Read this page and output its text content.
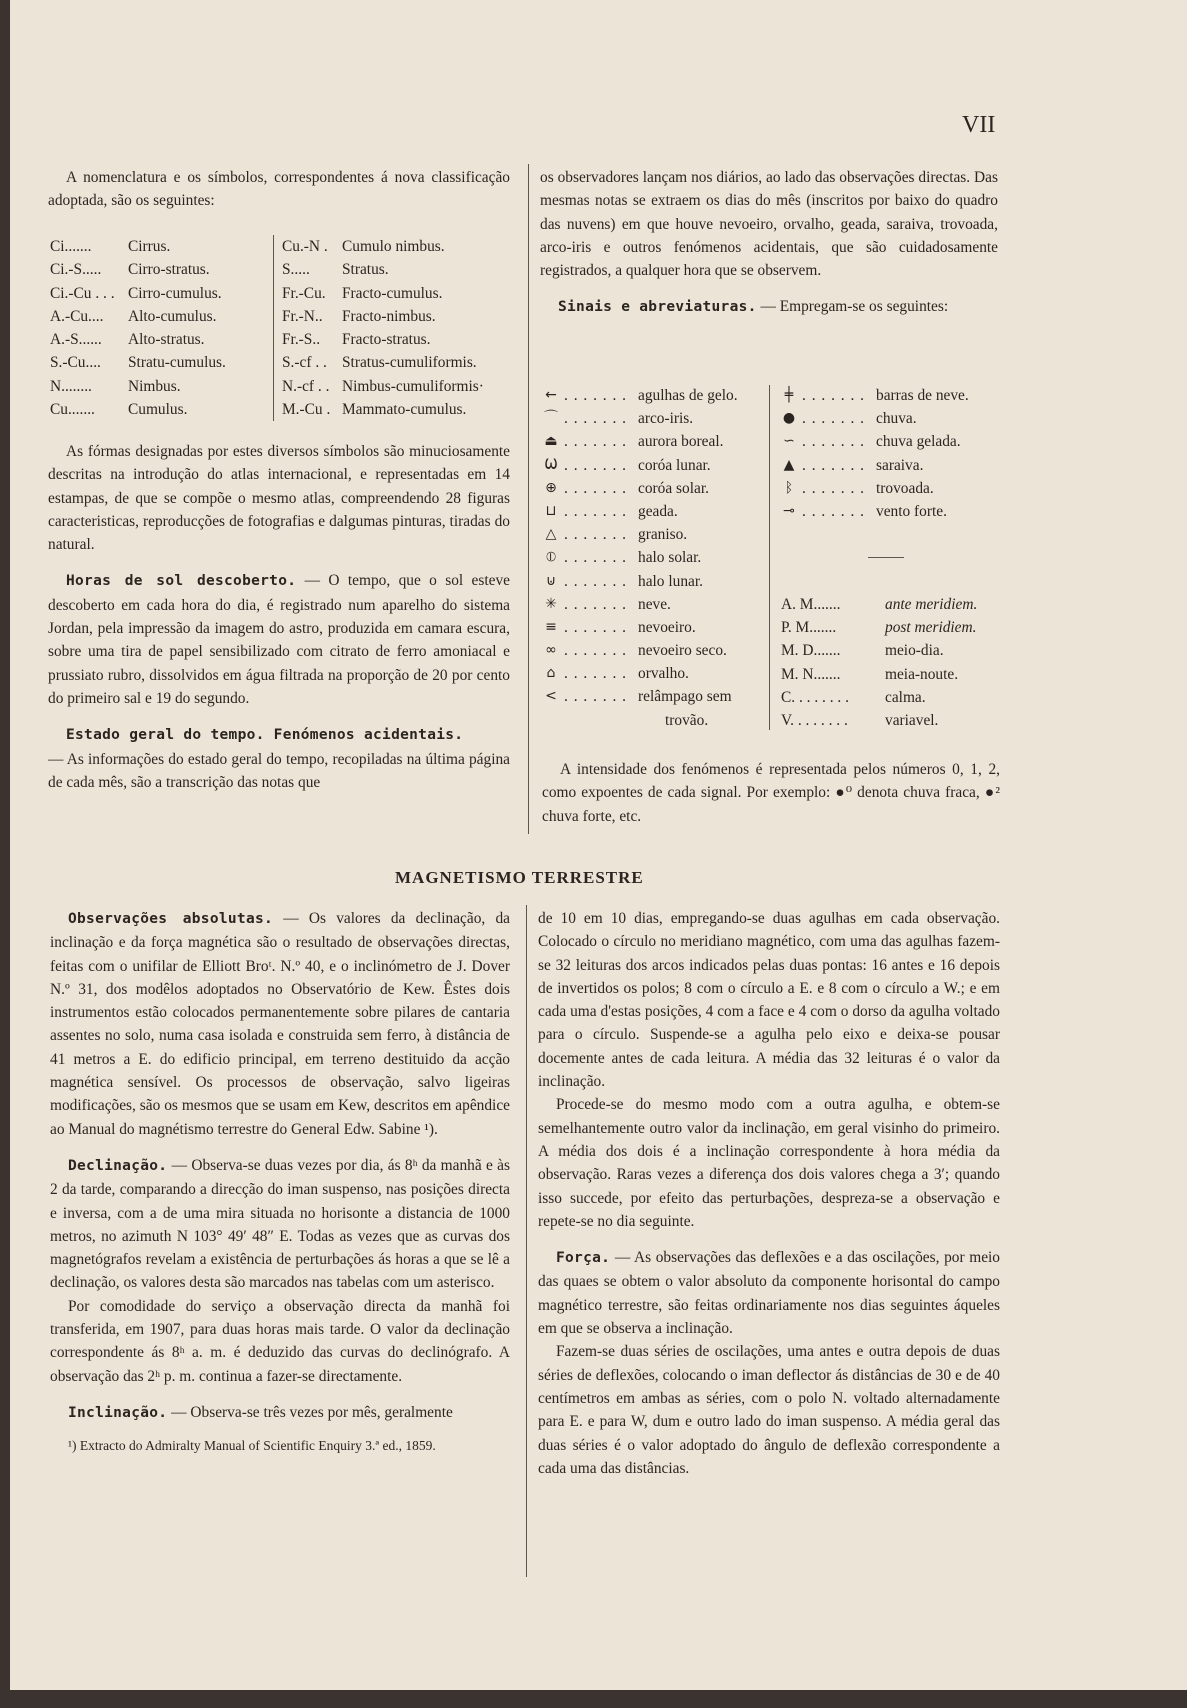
VII

A nomenclatura e os símbolos, correspondentes á nova classificação adoptada, são os seguintes:

Ci.......	Cirrus.
Ci.-S.....	Cirro-stratus.
Ci.-Cu . . . Cirro-cumulus.
A.-Cu....	Alto-cumulus.
A.-S......	Alto-stratus.
S.-Cu....	Stratu-cumulus.
N........	Nimbus.
Cu.......	Cumulus.
Cu.-N . Cumulo nimbus.
S.....	Stratus.
Fr.-Cu.	Fracto-cumulus.
Fr.-N..	Fracto-nimbus.
Fr.-S..	Fracto-stratus.
S.-cf . . Stratus-cumuliformis.
N.-cf . . Nimbus-cumuliformis·
M.-Cu . Mammato-cumulus.

As fórmas designadas por estes diversos símbolos são minuciosamente descritas na introdução do atlas internacional, e representadas em 14 estampas, de que se compõe o mesmo atlas, compreendendo 28 figuras caracteristicas, reproducções de fotografias e dalgumas pinturas, tiradas do natural.

Horas de sol descoberto. — O tempo, que o sol esteve descoberto em cada hora do dia, é registrado num aparelho do sistema Jordan, pela impressão da imagem do astro, produzida em camara escura, sobre uma tira de papel sensibilizado com citrato de ferro amoniacal e prussiato rubro, dissolvidos em água filtrada na proporção de 20 por cento do primeiro sal e 19 do segundo.

Estado geral do tempo. Fenómenos acidentais.
— As informações do estado geral do tempo, recopiladas na última página de cada mês, são a transcrição das notas que

os observadores lançam nos diários, ao lado das observações directas. Das mesmas notas se extraem os dias do mês (inscritos por baixo do quadro das nuvens) em que houve nevoeiro, orvalho, geada, saraiva, trovoada, arco-iris e outros fenómenos acidentais, que são cuidadosamente registrados, a qualquer hora que se observem.

Sinais e abreviaturas. — Empregam-se os seguintes:

← . . . . . . . agulhas de gelo.
⌒ . . . . . . . arco-iris.
⏏ . . . . . . . aurora boreal.
Ѡ . . . . . . . coróa lunar.
⊕ . . . . . . . coróa solar.
⊔ . . . . . . . geada.
△ . . . . . . . graniso.
⦶ . . . . . . . halo solar.
⊍ . . . . . . . halo lunar.
✳ . . . . . . . neve.
≡ . . . . . . . nevoeiro.
∞ . . . . . . . nevoeiro seco.
⌂ . . . . . . . orvalho.
< . . . . . . . relâmpago sem
trovão.
╪ . . . . . . . barras de neve.
● . . . . . . . chuva.
∽ . . . . . . . chuva gelada.
▲ . . . . . . . saraiva.
ᛒ . . . . . . . trovoada.
⊸ . . . . . . . vento forte.
A. M.......	ante meridiem.
P. M.......	post meridiem.
M. D.......	meio-dia.
M. N.......	meia-noute.
C. . . . . . . .	calma.
V. . . . . . . .	variavel.

A intensidade dos fenómenos é representada pelos números 0, 1, 2, como expoentes de cada signal. Por exemplo: ●⁰ denota chuva fraca, ●² chuva forte, etc.

MAGNETISMO TERRESTRE

Observações absolutas. — Os valores da declinação, da inclinação e da força magnética são o resultado de observações directas, feitas com o unifilar de Elliott Broᵗ. N.º 40, e o inclinómetro de J. Dover N.º 31, dos modêlos adoptados no Observatório de Kew. Êstes dois instrumentos estão colocados permanentemente sobre pilares de cantaria assentes no solo, numa casa isolada e construida sem ferro, à distância de 41 metros a E. do edificio principal, em terreno destituido da acção magnética sensível. Os processos de observação, salvo ligeiras modificações, são os mesmos que se usam em Kew, descritos em apêndice ao Manual do magnétismo terrestre do General Edw. Sabine ¹).

Declinação. — Observa-se duas vezes por dia, ás 8ʰ da manhã e às 2 da tarde, comparando a direcção do iman suspenso, nas posições directa e inversa, com a de uma mira situada no horisonte a distancia de 1000 metros, no azimuth N 103° 49′ 48″ E. Todas as vezes que as curvas dos magnetógrafos revelam a existência de perturbações ás horas a que se lê a declinação, os valores desta são marcados nas tabelas com um asterisco.

Por comodidade do serviço a observação directa da manhã foi transferida, em 1907, para duas horas mais tarde. O valor da declinação correspondente ás 8ʰ a. m. é deduzido das curvas do declinógrafo. A observação das 2ʰ p. m. continua a fazer-se directamente.

Inclinação. — Observa-se três vezes por mês, geralmente

¹) Extracto do Admiralty Manual of Scientific Enquiry 3.ª ed., 1859.

de 10 em 10 dias, empregando-se duas agulhas em cada observação. Colocado o círculo no meridiano magnético, com uma das agulhas fazem-se 32 leituras dos arcos indicados pelas duas pontas: 16 antes e 16 depois de invertidos os polos; 8 com o círculo a E. e 8 com o círculo a W.; e em cada uma d'estas posições, 4 com a face e 4 com o dorso da agulha voltado para o círculo. Suspende-se a agulha pelo eixo e deixa-se pousar docemente antes de cada leitura. A média das 32 leituras é o valor da inclinação.

Procede-se do mesmo modo com a outra agulha, e obtem-se semelhantemente outro valor da inclinação, em geral visinho do primeiro. A média dos dois é a inclinação correspondente à hora média da observação. Raras vezes a diferença dos dois valores chega a 3′; quando isso succede, por efeito das perturbações, despreza-se a observação e repete-se no dia seguinte.

Força. — As observações das deflexões e a das oscilações, por meio das quaes se obtem o valor absoluto da componente horisontal do campo magnético terrestre, são feitas ordinariamente nos dias seguintes áqueles em que se observa a inclinação.

Fazem-se duas séries de oscilações, uma antes e outra depois de duas séries de deflexões, colocando o iman deflector ás distâncias de 30 e de 40 centímetros em ambas as séries, com o polo N. voltado alternadamente para E. e para W, dum e outro lado do iman suspenso. A média geral das duas séries é o valor adoptado do ângulo de deflexão correspondente a cada uma das distâncias.
